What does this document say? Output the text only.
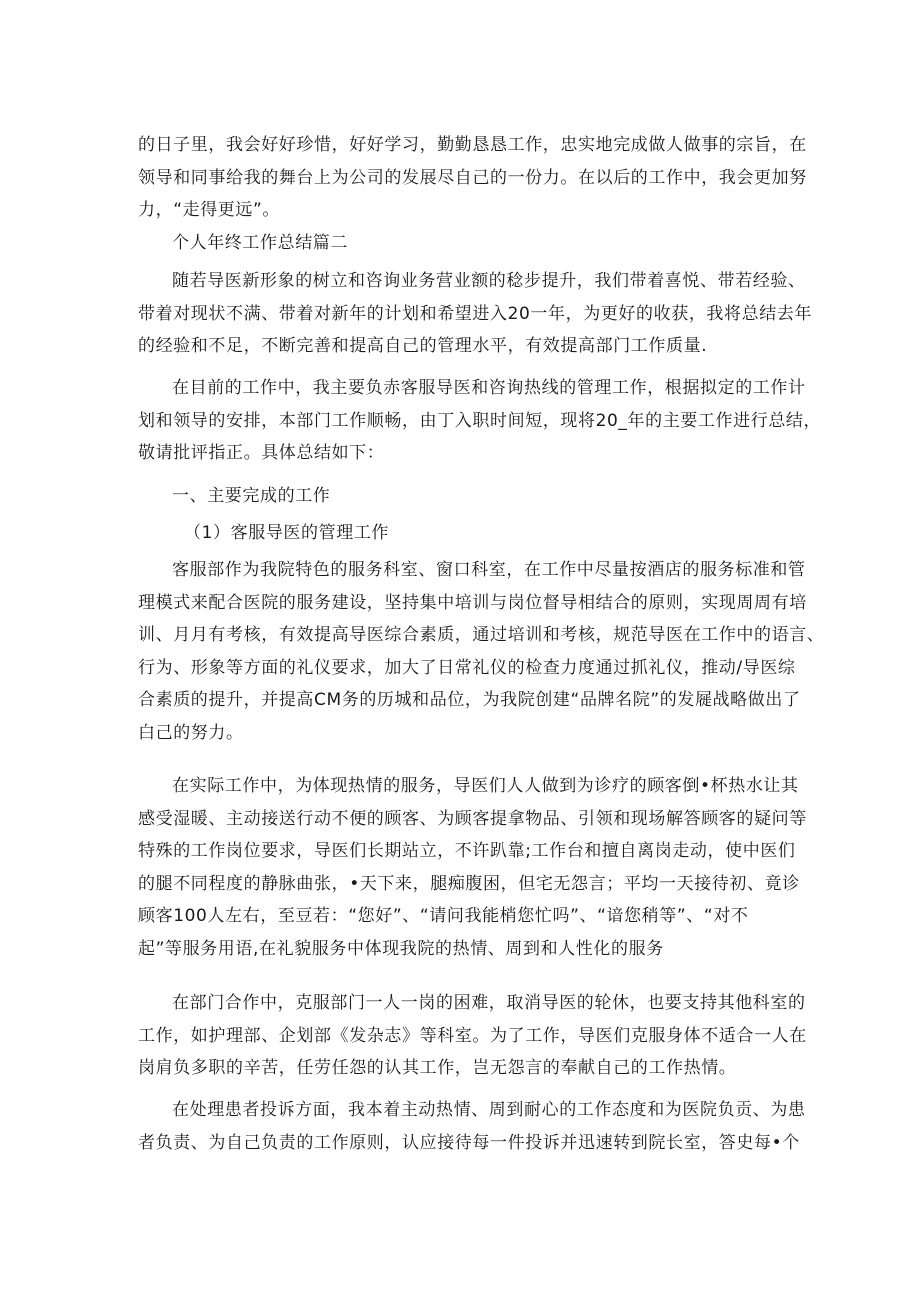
的日子里，我会好好珍惜，好好学习，勤勤恳恳工作，忠实地完成做人做事的宗旨，在
领导和同事给我的舞台上为公司的发展尽自己的一份力。在以后的工作中，我会更加努
力，“走得更远”。
个人年终工作总结篇二
随若导医新形象的树立和咨询业务营业额的稔步提升，我们带着喜悦、带若经验、
带着对现状不满、带着对新年的计划和希望进入20一年，为更好的收获，我将总结去年
的经验和不足，不断完善和提高自己的管理水平，有效提高部门工作质量.
在目前的工作中，我主要负赤客服导医和咨询热线的管理工作，根据拟定的工作计
划和领导的安排，本部门工作顺畅，由丁入职时间短，现将20_年的主要工作进行总结，
敬请批评指正。具体总结如下：
一、主要完成的工作
（1）客服导医的管理工作
客服部作为我院特色的服务科室、窗口科室，在工作中尽量按酒店的服务标准和管
理模式来配合医院的服务建设，坚持集中培训与岗位督导相结合的原则，实现周周有培
训、月月有考核，有效提高导医综合素质，通过培训和考核，规范导医在工作中的语言、
行为、形象等方面的礼仪要求，加大了日常礼仪的检查力度通过抓礼仪，推动/导医综
合素质的提升，并提高CM务的历城和品位，为我院创建“品牌名院”的发屣战略做出了
白己的努力。
在实际工作中，为体现热情的服务，导医们人人做到为诊疗的顾客倒•杯热水让其
感受湿暖、主动接送行动不便的顾客、为顾客提拿物品、引领和现场解答顾客的疑问等
特殊的工作岗位要求，导医们长期站立，不许趴靠;工作台和擅自离岗走动，使中医们
的腿不同程度的静脉曲张，•天下来，腿痴腹困，但宅无怨言；平均一天接待初、竟诊
顾客100人左右，至豆若：“您好”、“请问我能梢您忙吗”、“谙您稍等”、“对不
起”等服务用语,在礼貌服务中体现我院的热情、周到和人性化的服务
在部门合作中，克服部门一人一岗的困难，取消导医的轮休，也要支持其他科室的
工作，如护理部、企划部《发杂志》等科室。为了工作，导医们克服身体不适合一人在
岗肩负多职的辛苦，任劳任怨的认其工作，岂无怨言的奉献自己的工作热情。
在处理患者投诉方面，我本着主动热情、周到耐心的工作态度和为医院负贡、为患
者负责、为自己负责的工作原则，认应接待每一件投诉并迅速转到院长室，答史每•个
